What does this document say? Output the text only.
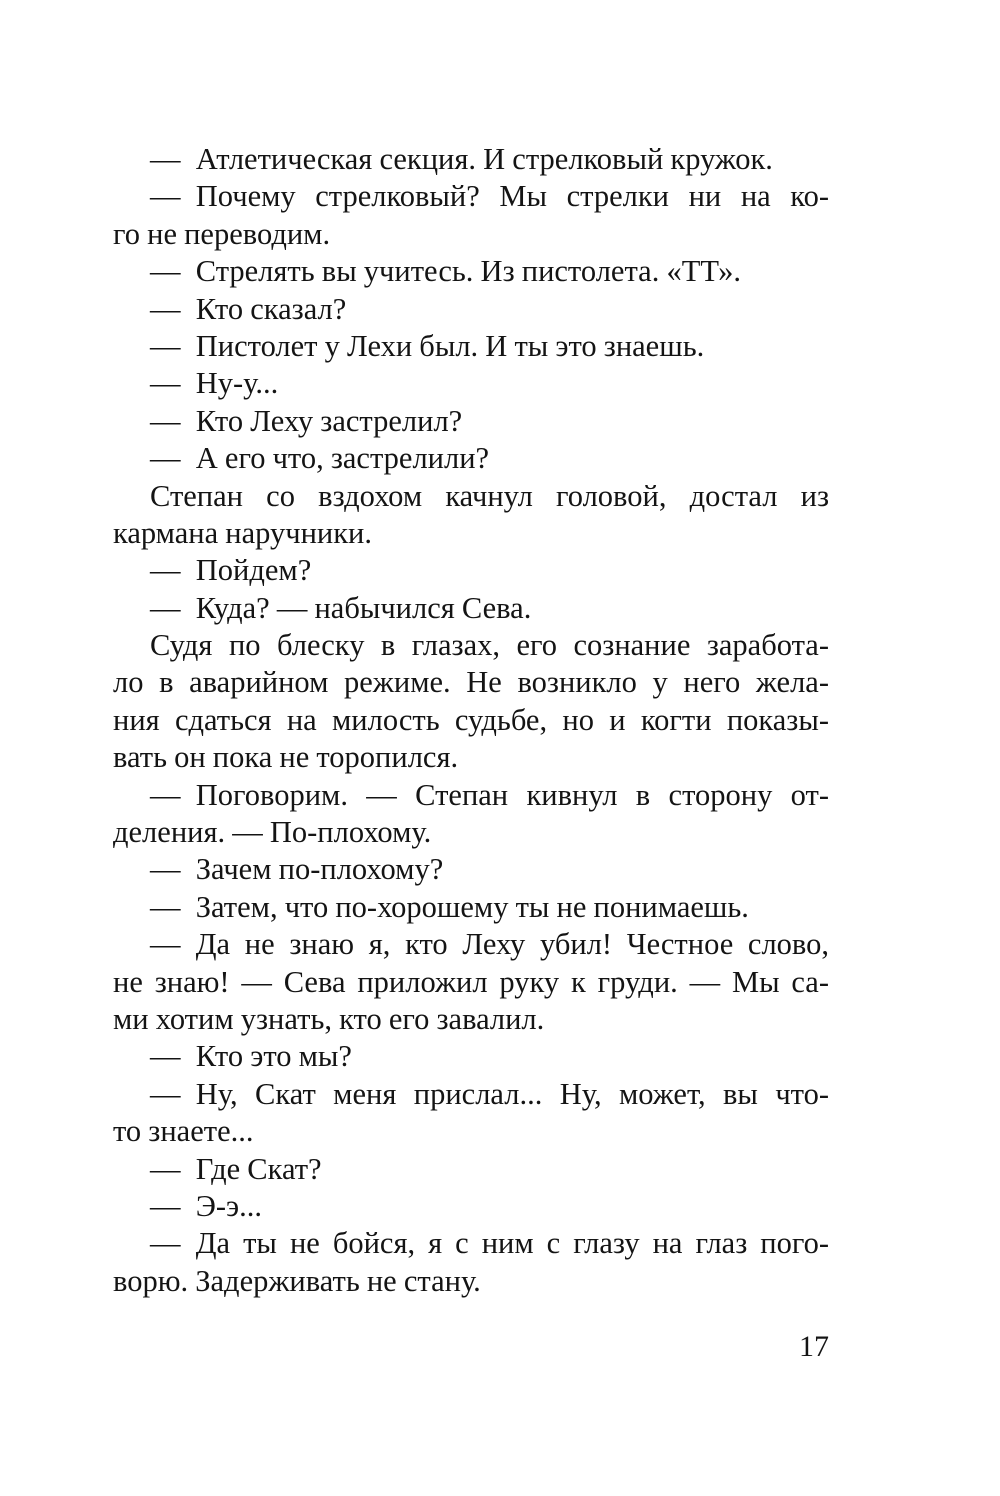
— Атлетическая секция. И стрелковый кружок.
— Почему стрелковый? Мы стрелки ни на ко-
го не переводим.
— Стрелять вы учитесь. Из пистолета. «ТТ».
— Кто сказал?
— Пистолет у Лехи был. И ты это знаешь.
— Ну-у...
— Кто Леху застрелил?
— А его что, застрелили?
Степан со вздохом качнул головой, достал из
кармана наручники.
— Пойдем?
— Куда? — набычился Сева.
Судя по блеску в глазах, его сознание заработа-
ло в аварийном режиме. Не возникло у него жела-
ния сдаться на милость судьбе, но и когти показы-
вать он пока не торопился.
— Поговорим. — Степан кивнул в сторону от-
деления. — По-плохому.
— Зачем по-плохому?
— Затем, что по-хорошему ты не понимаешь.
— Да не знаю я, кто Леху убил! Честное слово,
не знаю! — Сева приложил руку к груди. — Мы са-
ми хотим узнать, кто его завалил.
— Кто это мы?
— Ну, Скат меня прислал... Ну, может, вы что-
то знаете...
— Где Скат?
— Э-э...
— Да ты не бойся, я с ним с глазу на глаз пого-
ворю. Задерживать не стану.
17
